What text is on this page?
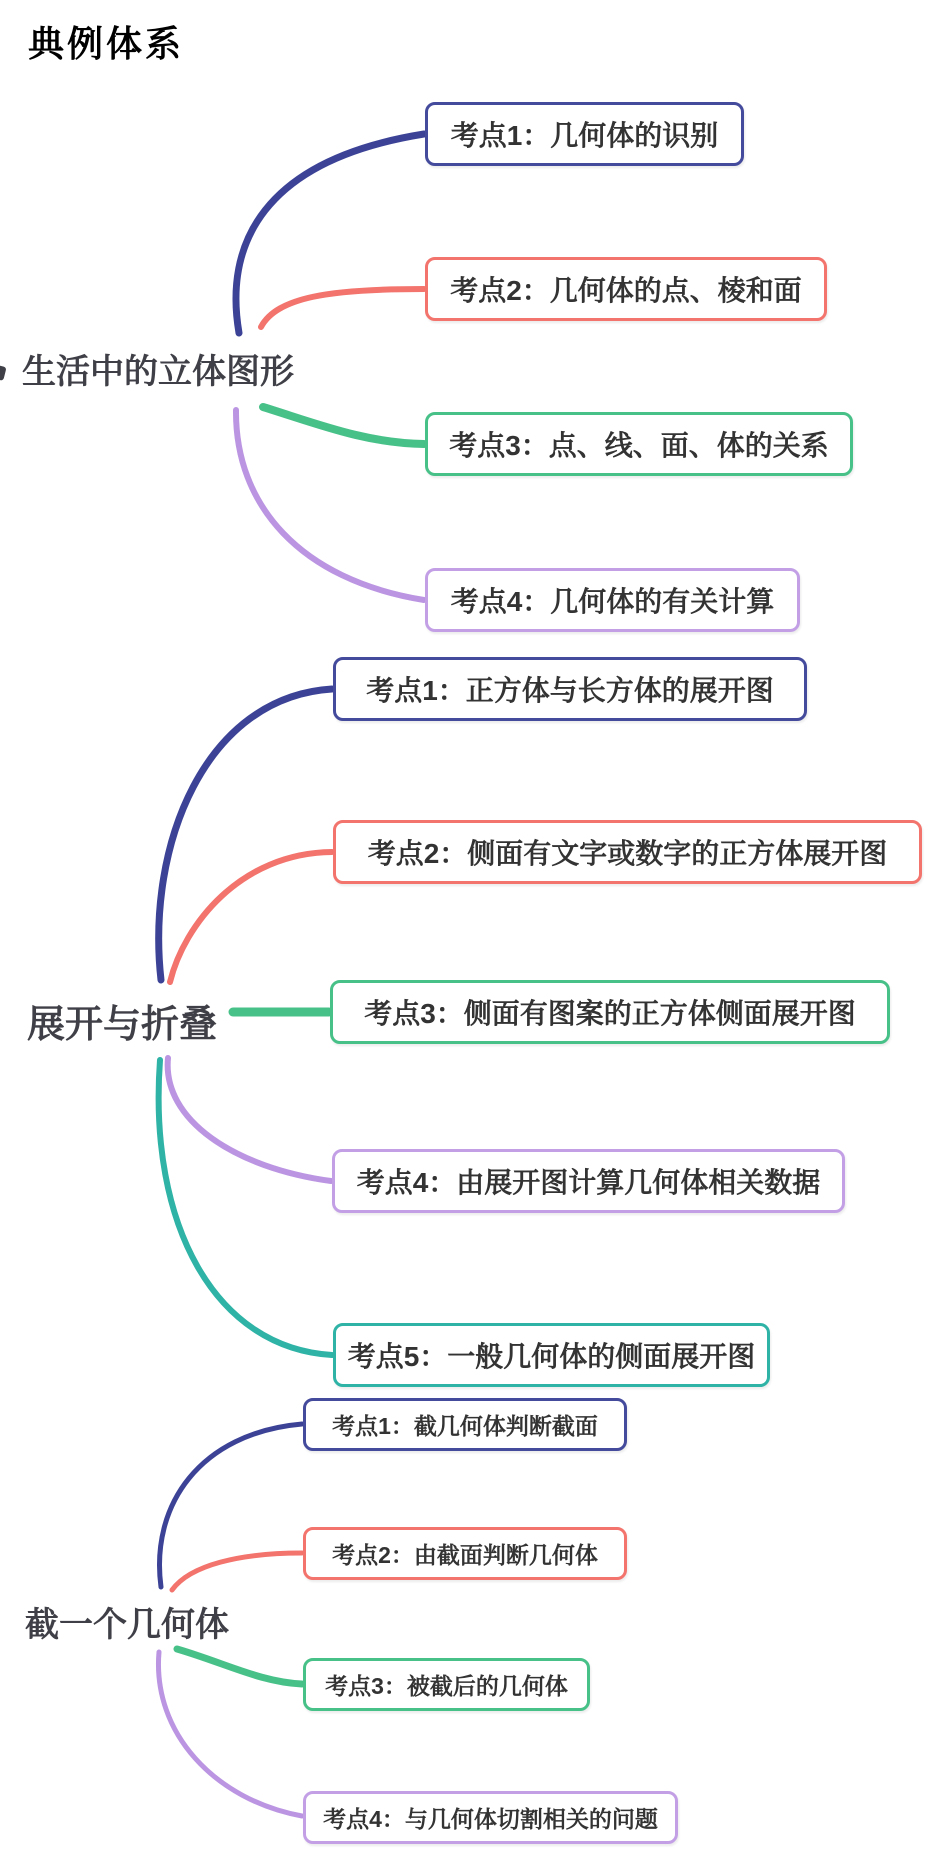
典例体系
生活中的立体图形
展开与折叠
截一个几何体
考点1：几何体的识别
考点2：几何体的点、棱和面
考点3：点、线、面、体的关系
考点4：几何体的有关计算
考点1：正方体与长方体的展开图
考点2：侧面有文字或数字的正方体展开图
考点3：侧面有图案的正方体侧面展开图
考点4：由展开图计算几何体相关数据
考点5：一般几何体的侧面展开图
考点1：截几何体判断截面
考点2：由截面判断几何体
考点3：被截后的几何体
考点4：与几何体切割相关的问题
